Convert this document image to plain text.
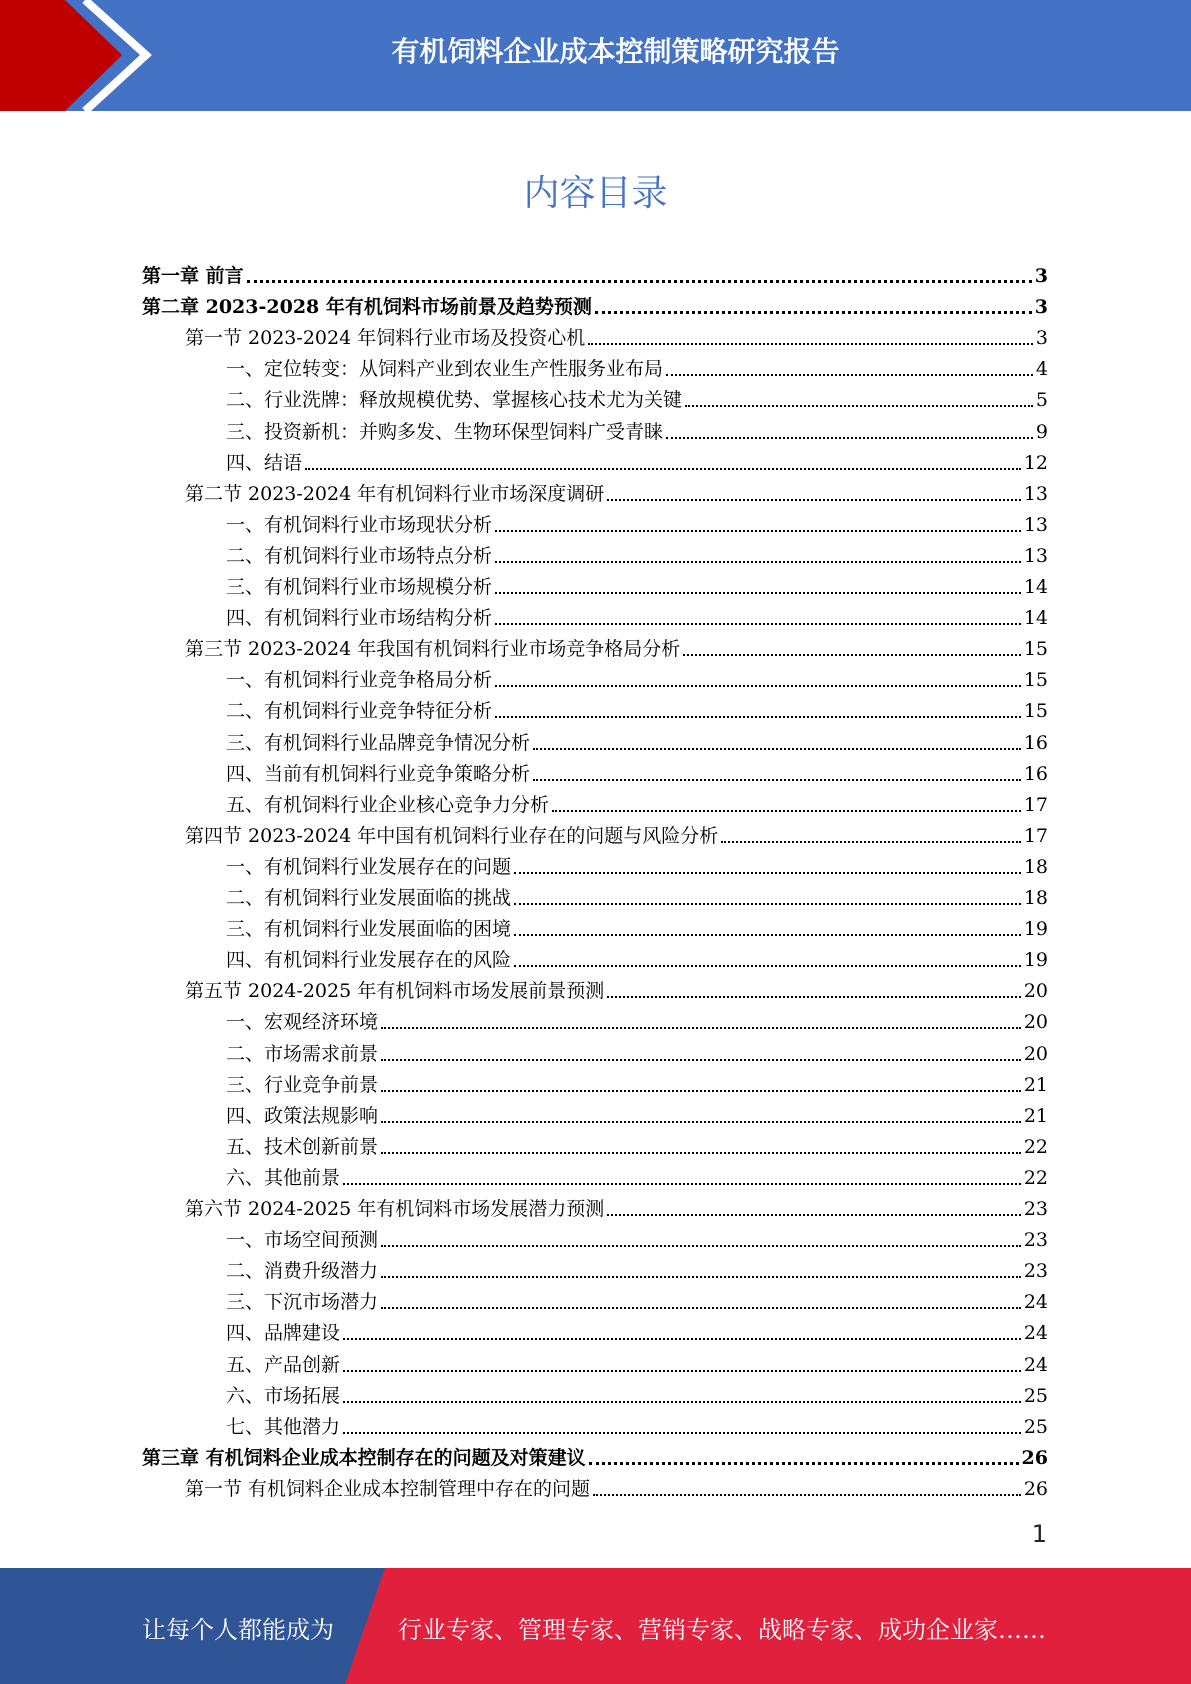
有机饲料企业成本控制策略研究报告
内容目录
第一章 前言	3
第二章 2023-2028 年有机饲料市场前景及趋势预测	3
第一节 2023-2024 年饲料行业市场及投资心机	3
一、定位转变：从饲料产业到农业生产性服务业布局	4
二、行业洗牌：释放规模优势、掌握核心技术尤为关键	5
三、投资新机：并购多发、生物环保型饲料广受青睐	9
四、结语	12
第二节 2023-2024 年有机饲料行业市场深度调研	13
一、有机饲料行业市场现状分析	13
二、有机饲料行业市场特点分析	13
三、有机饲料行业市场规模分析	14
四、有机饲料行业市场结构分析	14
第三节 2023-2024 年我国有机饲料行业市场竞争格局分析	15
一、有机饲料行业竞争格局分析	15
二、有机饲料行业竞争特征分析	15
三、有机饲料行业品牌竞争情况分析	16
四、当前有机饲料行业竞争策略分析	16
五、有机饲料行业企业核心竞争力分析	17
第四节 2023-2024 年中国有机饲料行业存在的问题与风险分析	17
一、有机饲料行业发展存在的问题	18
二、有机饲料行业发展面临的挑战	18
三、有机饲料行业发展面临的困境	19
四、有机饲料行业发展存在的风险	19
第五节 2024-2025 年有机饲料市场发展前景预测	20
一、宏观经济环境	20
二、市场需求前景	20
三、行业竞争前景	21
四、政策法规影响	21
五、技术创新前景	22
六、其他前景	22
第六节 2024-2025 年有机饲料市场发展潜力预测	23
一、市场空间预测	23
二、消费升级潜力	23
三、下沉市场潜力	24
四、品牌建设	24
五、产品创新	24
六、市场拓展	25
七、其他潜力	25
第三章 有机饲料企业成本控制存在的问题及对策建议	26
第一节 有机饲料企业成本控制管理中存在的问题	26
1
让每个人都能成为	行业专家、管理专家、营销专家、战略专家、成功企业家……
